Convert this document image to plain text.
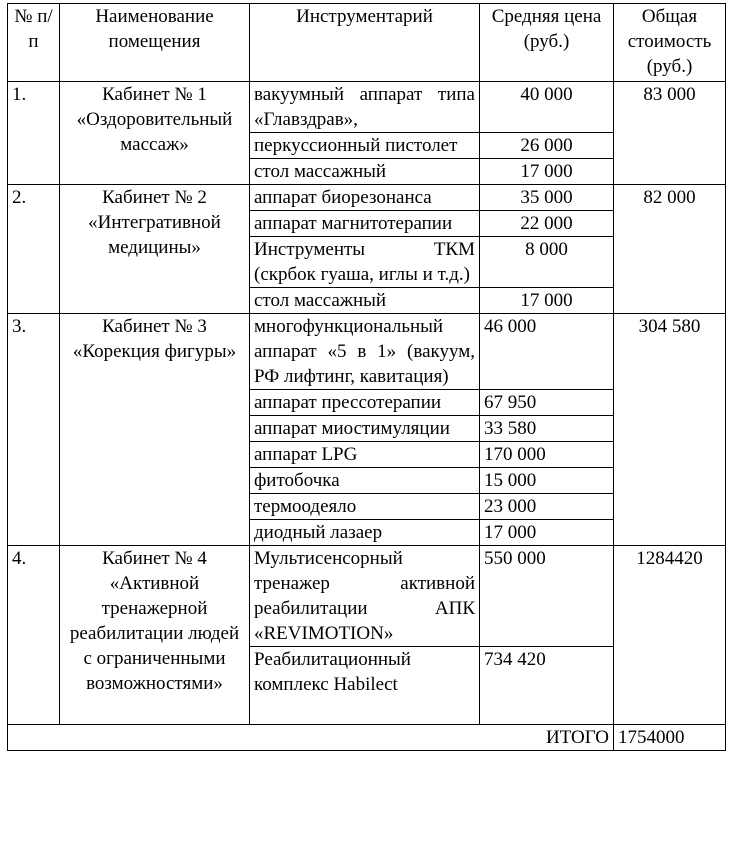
№ п/п	Наименование помещения	Инструментарий	Средняя цена (руб.)	Общая стоимость (руб.)
1.	Кабинет № 1 «Оздоровительный массаж»	вакуумный аппарат типа «Главздрав»,	40 000	83 000
		перкуссионный пистолет	26 000	
		стол массажный	17 000	
2.	Кабинет № 2 «Интегративной медицины»	аппарат биорезонанса	35 000	82 000
		аппарат магнитотерапии	22 000	
		Инструменты ТКМ (скрбок гуаша, иглы и т.д.)	8 000	
		стол массажный	17 000	
3.	Кабинет № 3 «Корекция фигуры»	многофункциональный аппарат «5 в 1» (вакуум, РФ лифтинг, кавитация)	46 000	304 580
		аппарат прессотерапии	67 950	
		аппарат миостимуляции	33 580	
		аппарат LPG	170 000	
		фитобочка	15 000	
		термоодеяло	23 000	
		диодный лазаер	17 000	
4.	Кабинет № 4 «Активной тренажерной реабилитации людей с ограниченными возможностями»	Мультисенсорный тренажер активной реабилитации АПК «REVIMOTION»	550 000	1284420
		Реабилитационный комплекс Habilect	734 420	
ИТОГО				1754000
